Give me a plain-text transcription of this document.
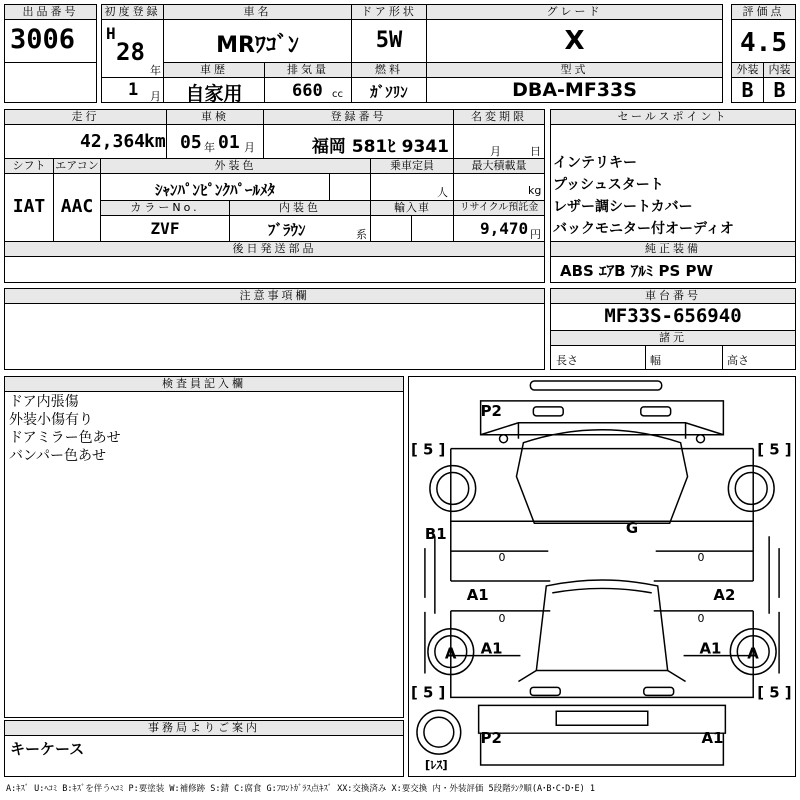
出品番号
3006
初度登録
H
28
年
1 月
車名
MRﾜｺﾞﾝ
車歴
自家用
排気量
660 cc
ドア形状
5W
燃料
ｶﾞｿﾘﾝ
グレード
X
型式
DBA-MF33S
評価点
4.5
外装 内装
B B
走行
42,364
km
車検
05 年 01 月
登録番号
福岡 581ﾋ 9341
名変期限
月	日
セールスポイント
インテリキー
プッシュスタート
レザー調シートカバー
バックモニター付オーディオ
シフト
IAT
エアコン
AAC
外装色
ｼｬﾝﾊﾟﾝﾋﾟﾝｸﾊﾟｰﾙﾒﾀ
乗車定員
人
最大積載量
kg
カラーNo.
ZVF
内装色
ﾌﾞﾗｳﾝ	系
輸入車	リサイクル預託金
9,470 円
後日発送部品	純正装備
ABS ｴｱB ｱﾙﾐ PS PW
注意事項欄	車台番号
MF33S-656940
諸元
長さ	幅	高さ
検査員記入欄
ドア内張傷
外装小傷有り
ドアミラー色あせ
バンパー色あせ
事務局よりご案内
キーケース
P2
[ 5 ]	[ 5 ]
G
B1
A1	A2
A1	A1
A	A
[ 5 ]	[ 5 ]
P2	A1
0	0
0	0
[ﾚｽ]
A:ｷｽﾞ U:ﾍｺﾐ B:ｷｽﾞを伴うﾍｺﾐ P:要塗装 W:補修跡 S:錆 C:腐食 G:ﾌﾛﾝﾄｶﾞﾗｽ点ｷｽﾞ XX:交換済み X:要交換 内・外装評価 5段階ﾗﾝｸ順(A･B･C･D･E) 1
